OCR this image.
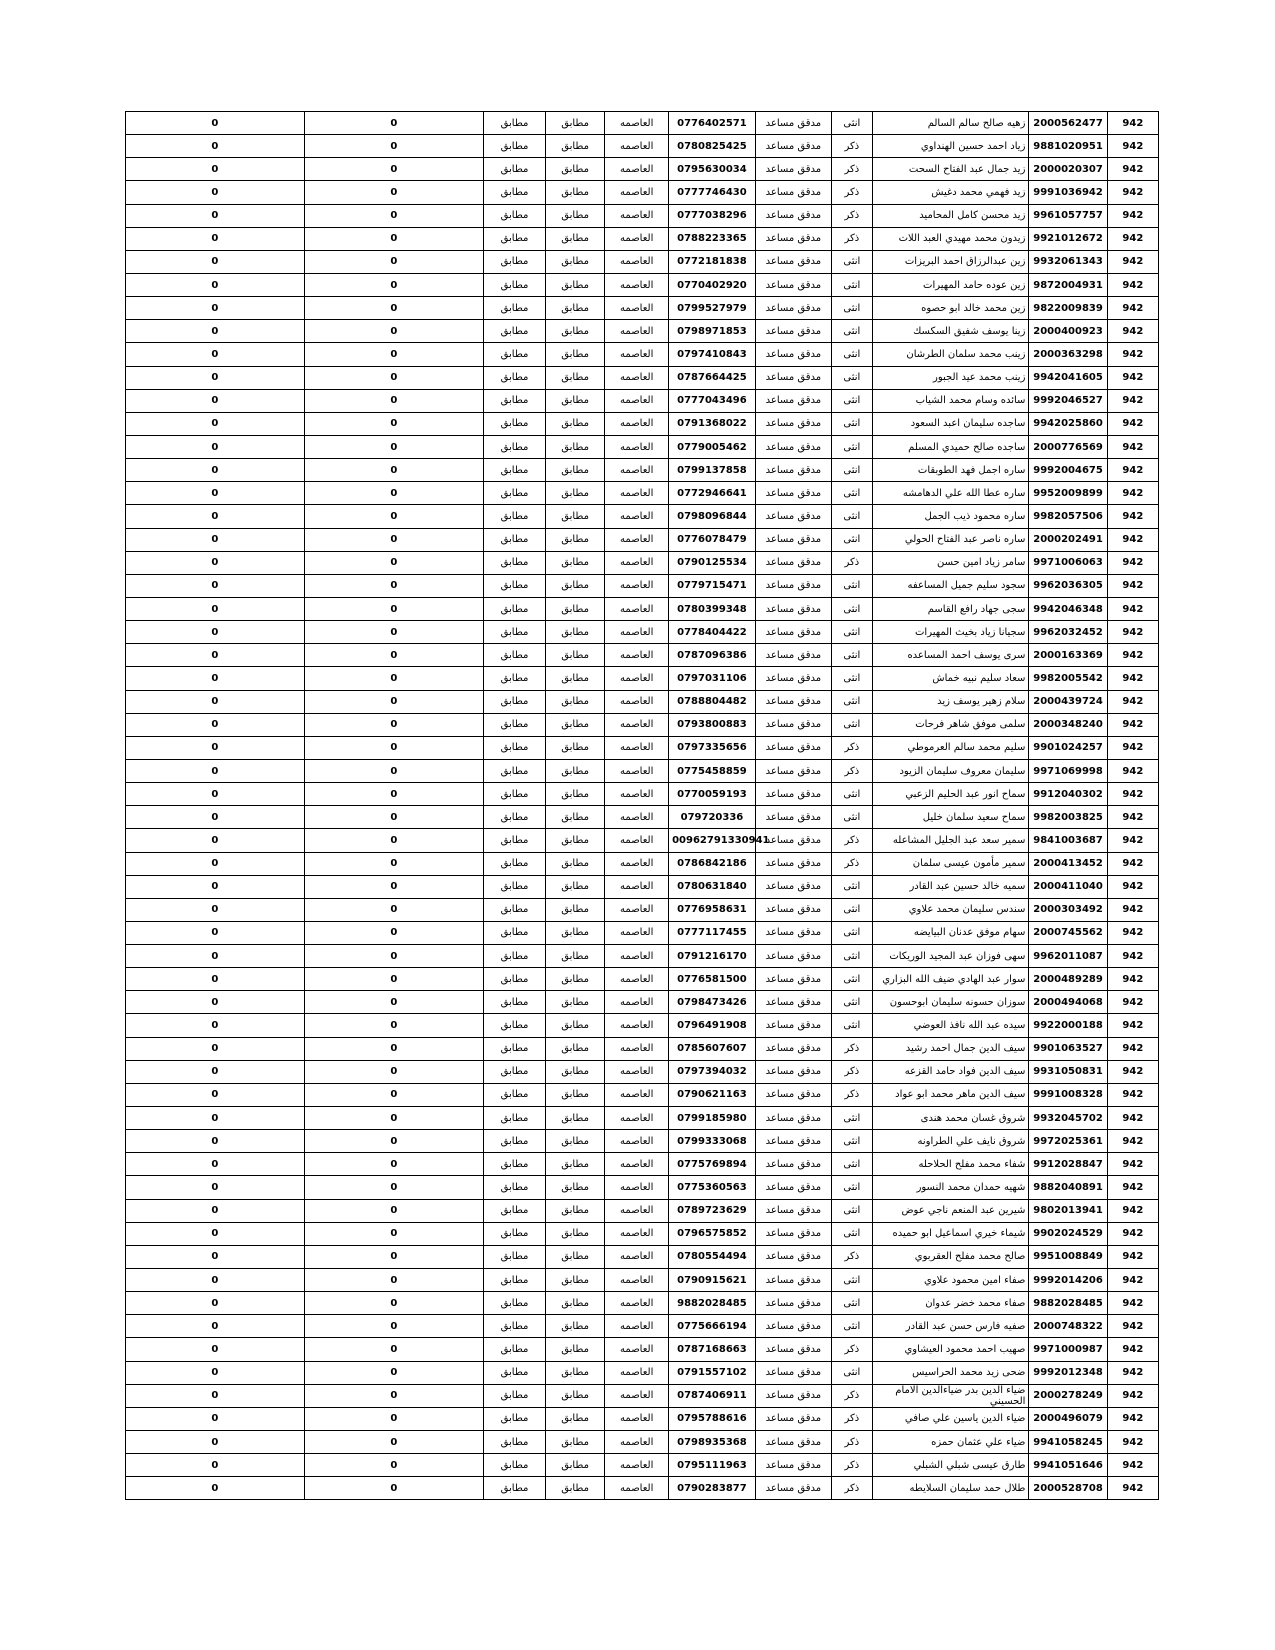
0	0	مطابق	مطابق	العاصمه	0776402571	مدقق مساعد	انثى	زهيه صالح سالم السالم	2000562477	942
0	0	مطابق	مطابق	العاصمه	0780825425	مدقق مساعد	ذكر	زياد احمد حسين الهنداوي	9881020951	942
0	0	مطابق	مطابق	العاصمه	0795630034	مدقق مساعد	ذكر	زيد جمال عبد الفتاح السحت	2000020307	942
0	0	مطابق	مطابق	العاصمه	0777746430	مدقق مساعد	ذكر	زيد فهمي محمد دغيش	9991036942	942
0	0	مطابق	مطابق	العاصمه	0777038296	مدقق مساعد	ذكر	زيد محسن كامل المحاميد	9961057757	942
0	0	مطابق	مطابق	العاصمه	0788223365	مدقق مساعد	ذكر	زيدون محمد مهيدي العبد اللات	9921012672	942
0	0	مطابق	مطابق	العاصمه	0772181838	مدقق مساعد	انثى	زين عبدالرزاق احمد البريزات	9932061343	942
0	0	مطابق	مطابق	العاصمه	0770402920	مدقق مساعد	انثى	زين عوده حامد المهيرات	9872004931	942
0	0	مطابق	مطابق	العاصمه	0799527979	مدقق مساعد	انثى	زين محمد خالد ابو حصوه	9822009839	942
0	0	مطابق	مطابق	العاصمه	0798971853	مدقق مساعد	انثى	زينا يوسف شفيق السكسك	2000400923	942
0	0	مطابق	مطابق	العاصمه	0797410843	مدقق مساعد	انثى	زينب محمد سلمان الطرشان	2000363298	942
0	0	مطابق	مطابق	العاصمه	0787664425	مدقق مساعد	انثى	زينب محمد عيد الجبور	9942041605	942
0	0	مطابق	مطابق	العاصمه	0777043496	مدقق مساعد	انثى	سائده وسام محمد الشياب	9992046527	942
0	0	مطابق	مطابق	العاصمه	0791368022	مدقق مساعد	انثى	ساجده سليمان اعبد السعود	9942025860	942
0	0	مطابق	مطابق	العاصمه	0779005462	مدقق مساعد	انثى	ساجده صالح حميدي المسلم	2000776569	942
0	0	مطابق	مطابق	العاصمه	0799137858	مدقق مساعد	انثى	ساره اجمل فهد الطوبقات	9992004675	942
0	0	مطابق	مطابق	العاصمه	0772946641	مدقق مساعد	انثى	ساره عطا الله علي الدهامشه	9952009899	942
0	0	مطابق	مطابق	العاصمه	0798096844	مدقق مساعد	انثى	ساره محمود ذيب الجمل	9982057506	942
0	0	مطابق	مطابق	العاصمه	0776078479	مدقق مساعد	انثى	ساره ناصر عبد الفتاح الحولي	2000202491	942
0	0	مطابق	مطابق	العاصمه	0790125534	مدقق مساعد	ذكر	سامر زياد امين حسن	9971006063	942
0	0	مطابق	مطابق	العاصمه	0779715471	مدقق مساعد	انثى	سجود سليم جميل المساعفه	9962036305	942
0	0	مطابق	مطابق	العاصمه	0780399348	مدقق مساعد	انثى	سجى جهاد رافع القاسم	9942046348	942
0	0	مطابق	مطابق	العاصمه	0778404422	مدقق مساعد	انثى	سجيانا زياد بخيث المهيرات	9962032452	942
0	0	مطابق	مطابق	العاصمه	0787096386	مدقق مساعد	انثى	سرى يوسف احمد المساعده	2000163369	942
0	0	مطابق	مطابق	العاصمه	0797031106	مدقق مساعد	انثى	سعاد سليم نبيه خماش	9982005542	942
0	0	مطابق	مطابق	العاصمه	0788804482	مدقق مساعد	انثى	سلام زهير يوسف زيد	2000439724	942
0	0	مطابق	مطابق	العاصمه	0793800883	مدقق مساعد	انثى	سلمى موفق شاهر فرحات	2000348240	942
0	0	مطابق	مطابق	العاصمه	0797335656	مدقق مساعد	ذكر	سليم محمد سالم العرموطي	9901024257	942
0	0	مطابق	مطابق	العاصمه	0775458859	مدقق مساعد	ذكر	سليمان معروف سليمان الزيود	9971069998	942
0	0	مطابق	مطابق	العاصمه	0770059193	مدقق مساعد	انثى	سماح انور عبد الحليم الزعبي	9912040302	942
0	0	مطابق	مطابق	العاصمه	079720336	مدقق مساعد	انثى	سماح سعيد سلمان خليل	9982003825	942
0	0	مطابق	مطابق	العاصمه	00962791330941	مدقق مساعد	ذكر	سمير سعد عبد الجليل المشاعله	9841003687	942
0	0	مطابق	مطابق	العاصمه	0786842186	مدقق مساعد	ذكر	سمير مأمون عيسى سلمان	2000413452	942
0	0	مطابق	مطابق	العاصمه	0780631840	مدقق مساعد	انثى	سميه خالد حسين عبد القادر	2000411040	942
0	0	مطابق	مطابق	العاصمه	0776958631	مدقق مساعد	انثى	سندس سليمان محمد علاوي	2000303492	942
0	0	مطابق	مطابق	العاصمه	0777117455	مدقق مساعد	انثى	سهام موفق عدنان البيايضه	2000745562	942
0	0	مطابق	مطابق	العاصمه	0791216170	مدقق مساعد	انثى	سهى فوزان عبد المجيد الوريكات	9962011087	942
0	0	مطابق	مطابق	العاصمه	0776581500	مدقق مساعد	انثى	سوار عبد الهادي ضيف الله البزاري	2000489289	942
0	0	مطابق	مطابق	العاصمه	0798473426	مدقق مساعد	انثى	سوزان حسونه سليمان ابوحسون	2000494068	942
0	0	مطابق	مطابق	العاصمه	0796491908	مدقق مساعد	انثى	سيده عبد الله نافذ العوضي	9922000188	942
0	0	مطابق	مطابق	العاصمه	0785607607	مدقق مساعد	ذكر	سيف الدين جمال احمد رشيد	9901063527	942
0	0	مطابق	مطابق	العاصمه	0797394032	مدقق مساعد	ذكر	سيف الدين فواد حامد القزعه	9931050831	942
0	0	مطابق	مطابق	العاصمه	0790621163	مدقق مساعد	ذكر	سيف الدين ماهر محمد ابو عواد	9991008328	942
0	0	مطابق	مطابق	العاصمه	0799185980	مدقق مساعد	انثى	شروق غسان محمد هندى	9932045702	942
0	0	مطابق	مطابق	العاصمه	0799333068	مدقق مساعد	انثى	شروق نايف علي الطراونه	9972025361	942
0	0	مطابق	مطابق	العاصمه	0775769894	مدقق مساعد	انثى	شفاء محمد مفلح الحلاحله	9912028847	942
0	0	مطابق	مطابق	العاصمه	0775360563	مدقق مساعد	انثى	شهيه حمدان محمد النسور	9882040891	942
0	0	مطابق	مطابق	العاصمه	0789723629	مدقق مساعد	انثى	شيرين عبد المنعم ناجي عوض	9802013941	942
0	0	مطابق	مطابق	العاصمه	0796575852	مدقق مساعد	انثى	شيماء خيري اسماعيل ابو حميده	9902024529	942
0	0	مطابق	مطابق	العاصمه	0780554494	مدقق مساعد	ذكر	صالح محمد مفلح العقربوي	9951008849	942
0	0	مطابق	مطابق	العاصمه	0790915621	مدقق مساعد	انثى	صفاء امين محمود علاوي	9992014206	942
0	0	مطابق	مطابق	العاصمه	9882028485	مدقق مساعد	انثى	صفاء محمد خضر عدوان	9882028485	942
0	0	مطابق	مطابق	العاصمه	0775666194	مدقق مساعد	انثى	صفيه فارس حسن عبد القادر	2000748322	942
0	0	مطابق	مطابق	العاصمه	0787168663	مدقق مساعد	ذكر	صهيب احمد محمود العيشاوي	9971000987	942
0	0	مطابق	مطابق	العاصمه	0791557102	مدقق مساعد	انثى	ضحى زيد محمد الحراسيس	9992012348	942
0	0	مطابق	مطابق	العاصمه	0787406911	مدقق مساعد	ذكر	ضياء الدين بدر ضياءالدين الامام الحسيني	2000278249	942
0	0	مطابق	مطابق	العاصمه	0795788616	مدقق مساعد	ذكر	ضياء الدين ياسين علي صافي	2000496079	942
0	0	مطابق	مطابق	العاصمه	0798935368	مدقق مساعد	ذكر	ضياء علي عثمان حمزه	9941058245	942
0	0	مطابق	مطابق	العاصمه	0795111963	مدقق مساعد	ذكر	طارق عيسى شبلي الشبلي	9941051646	942
0	0	مطابق	مطابق	العاصمه	0790283877	مدقق مساعد	ذكر	طلال حمد سليمان السلايطه	2000528708	942
